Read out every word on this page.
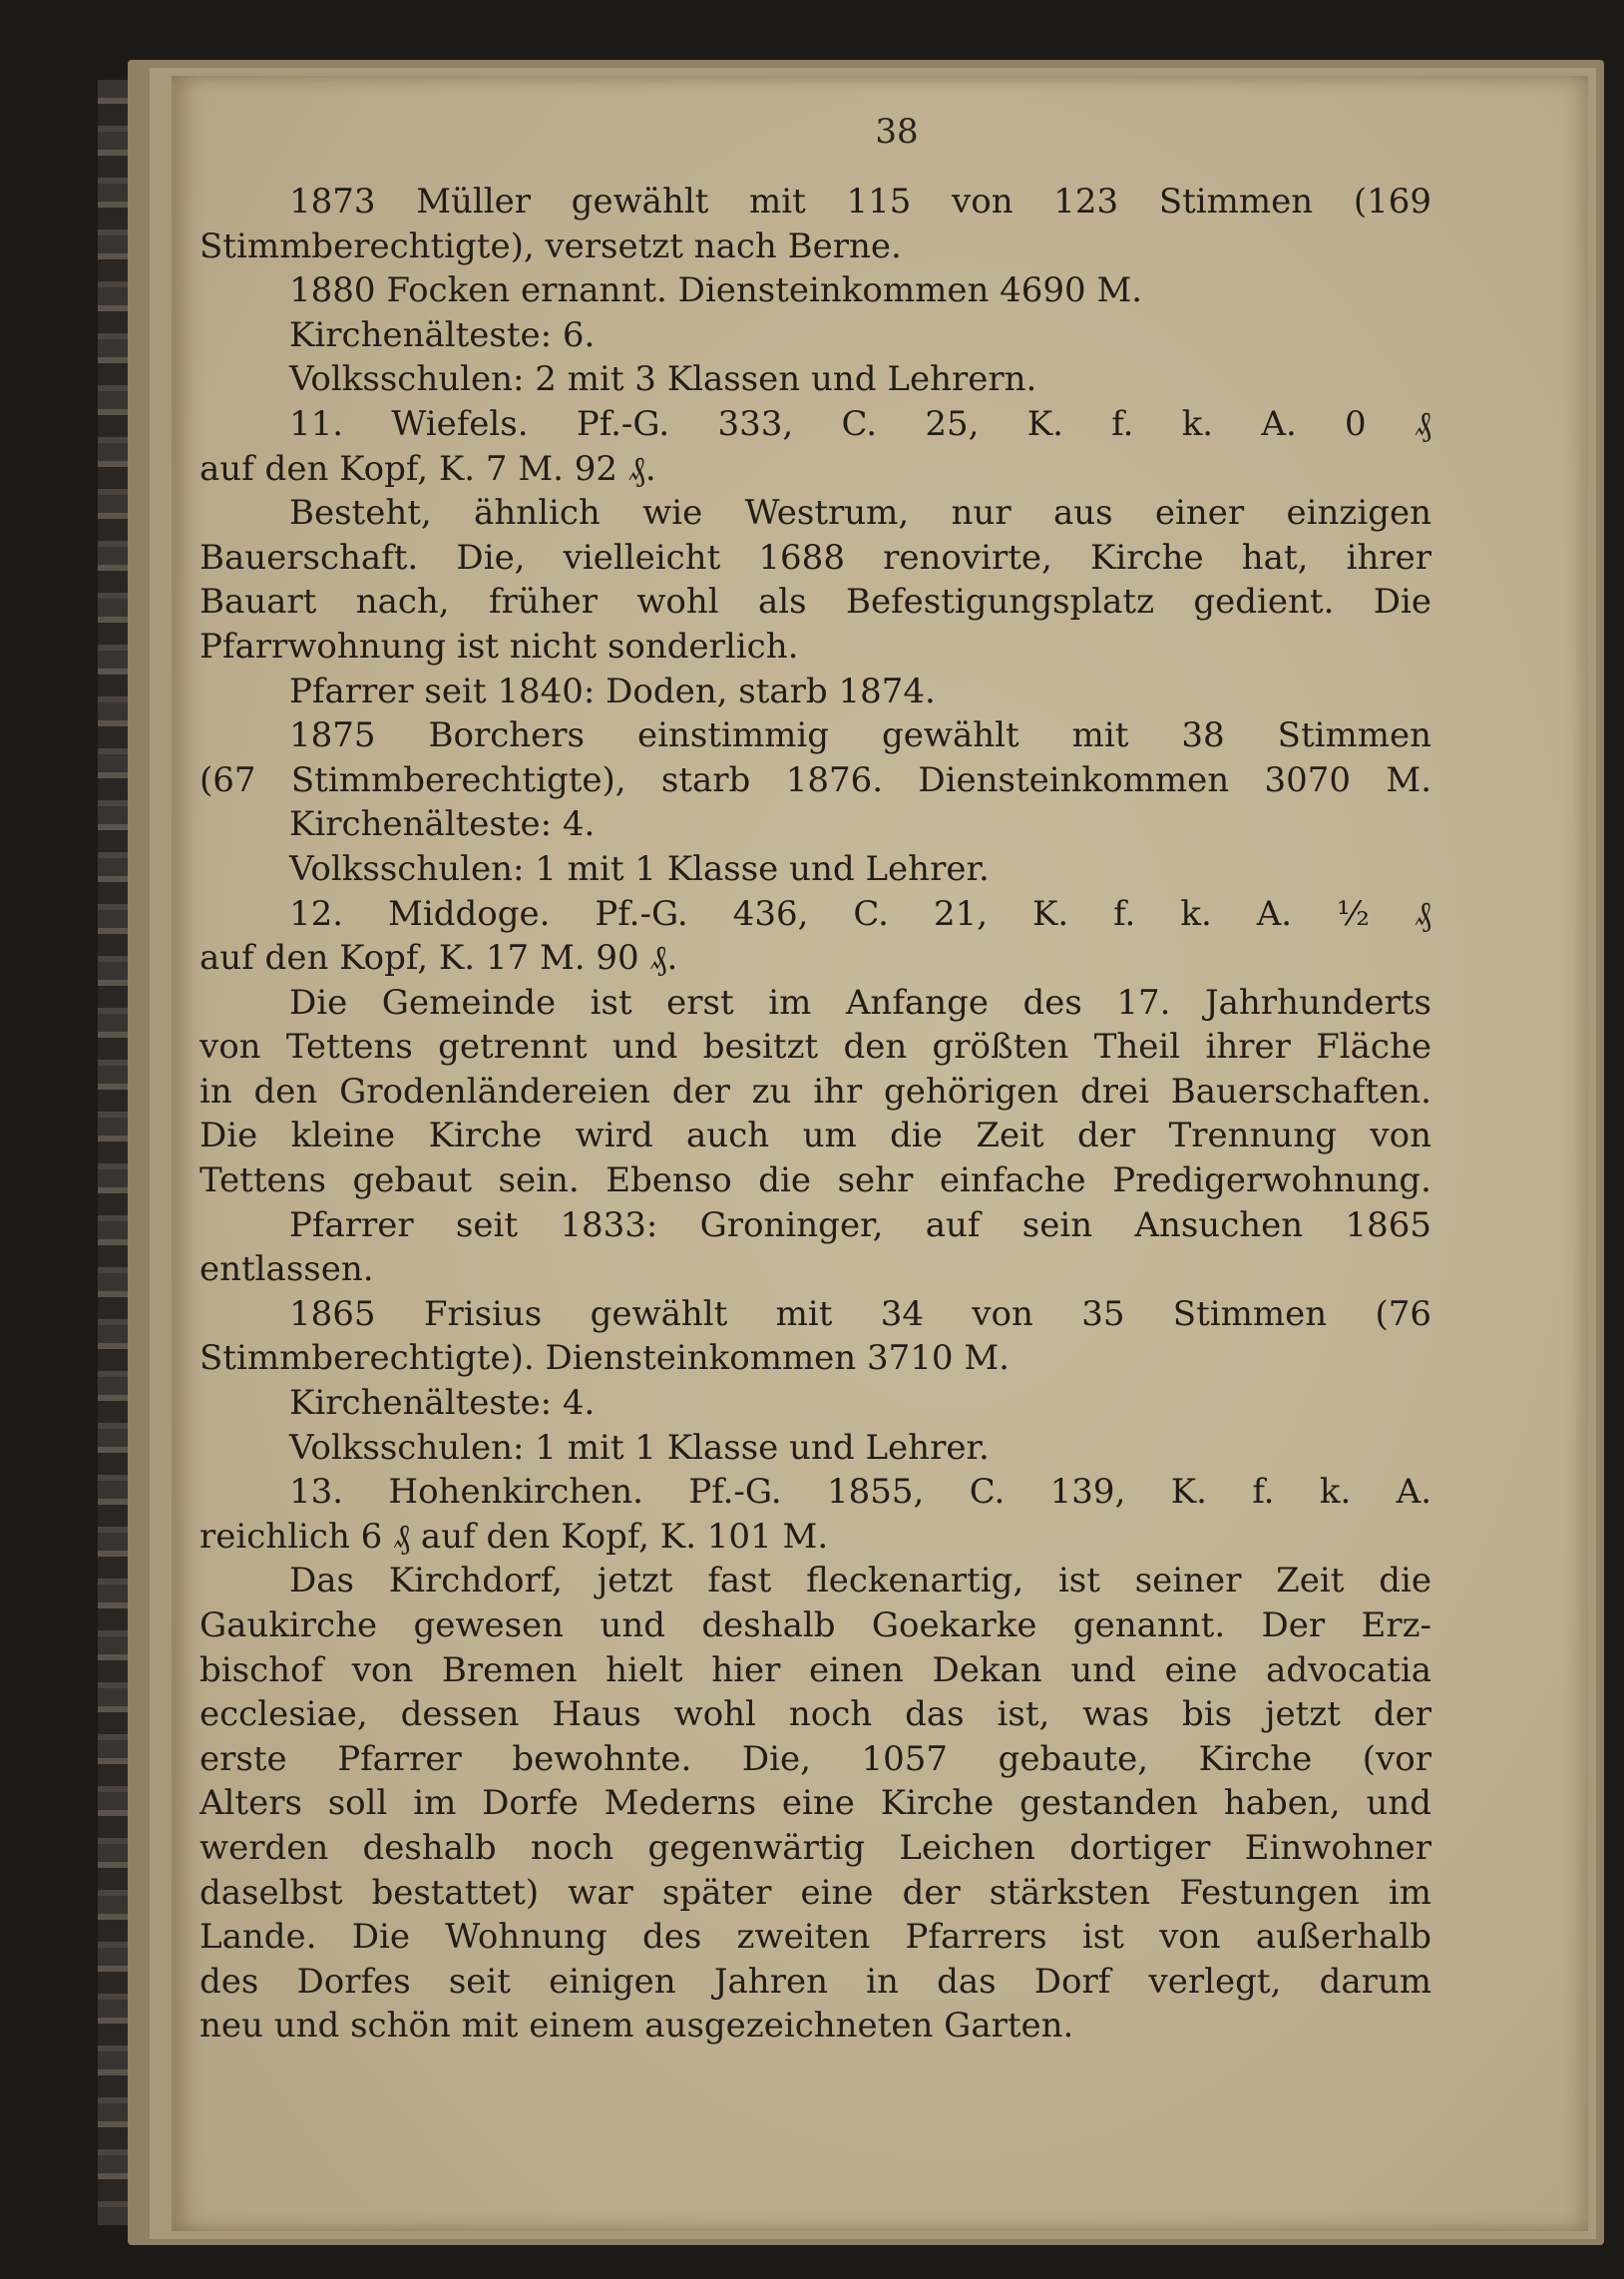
38
1873 Müller gewählt mit 115 von 123 Stimmen (169
Stimmberechtigte), versetzt nach Berne.
1880 Focken ernannt. Diensteinkommen 4690 M.
Kirchenälteste: 6.
Volksschulen: 2 mit 3 Klassen und Lehrern.
11. Wiefels. Pf.-G. 333, C. 25, K. f. k. A. 0 ₰
auf den Kopf, K. 7 M. 92 ₰.
Besteht, ähnlich wie Westrum, nur aus einer einzigen
Bauerschaft. Die, vielleicht 1688 renovirte, Kirche hat, ihrer
Bauart nach, früher wohl als Befestigungsplatz gedient. Die
Pfarrwohnung ist nicht sonderlich.
Pfarrer seit 1840: Doden, starb 1874.
1875 Borchers einstimmig gewählt mit 38 Stimmen
(67 Stimmberechtigte), starb 1876. Diensteinkommen 3070 M.
Kirchenälteste: 4.
Volksschulen: 1 mit 1 Klasse und Lehrer.
12. Middoge. Pf.-G. 436, C. 21, K. f. k. A. ½ ₰
auf den Kopf, K. 17 M. 90 ₰.
Die Gemeinde ist erst im Anfange des 17. Jahrhunderts
von Tettens getrennt und besitzt den größten Theil ihrer Fläche
in den Grodenländereien der zu ihr gehörigen drei Bauerschaften.
Die kleine Kirche wird auch um die Zeit der Trennung von
Tettens gebaut sein. Ebenso die sehr einfache Predigerwohnung.
Pfarrer seit 1833: Groninger, auf sein Ansuchen 1865
entlassen.
1865 Frisius gewählt mit 34 von 35 Stimmen (76
Stimmberechtigte). Diensteinkommen 3710 M.
Kirchenälteste: 4.
Volksschulen: 1 mit 1 Klasse und Lehrer.
13. Hohenkirchen. Pf.-G. 1855, C. 139, K. f. k. A.
reichlich 6 ₰ auf den Kopf, K. 101 M.
Das Kirchdorf, jetzt fast fleckenartig, ist seiner Zeit die
Gaukirche gewesen und deshalb Goekarke genannt. Der Erz-
bischof von Bremen hielt hier einen Dekan und eine advocatia
ecclesiae, dessen Haus wohl noch das ist, was bis jetzt der
erste Pfarrer bewohnte. Die, 1057 gebaute, Kirche (vor
Alters soll im Dorfe Mederns eine Kirche gestanden haben, und
werden deshalb noch gegenwärtig Leichen dortiger Einwohner
daselbst bestattet) war später eine der stärksten Festungen im
Lande. Die Wohnung des zweiten Pfarrers ist von außerhalb
des Dorfes seit einigen Jahren in das Dorf verlegt, darum
neu und schön mit einem ausgezeichneten Garten.
